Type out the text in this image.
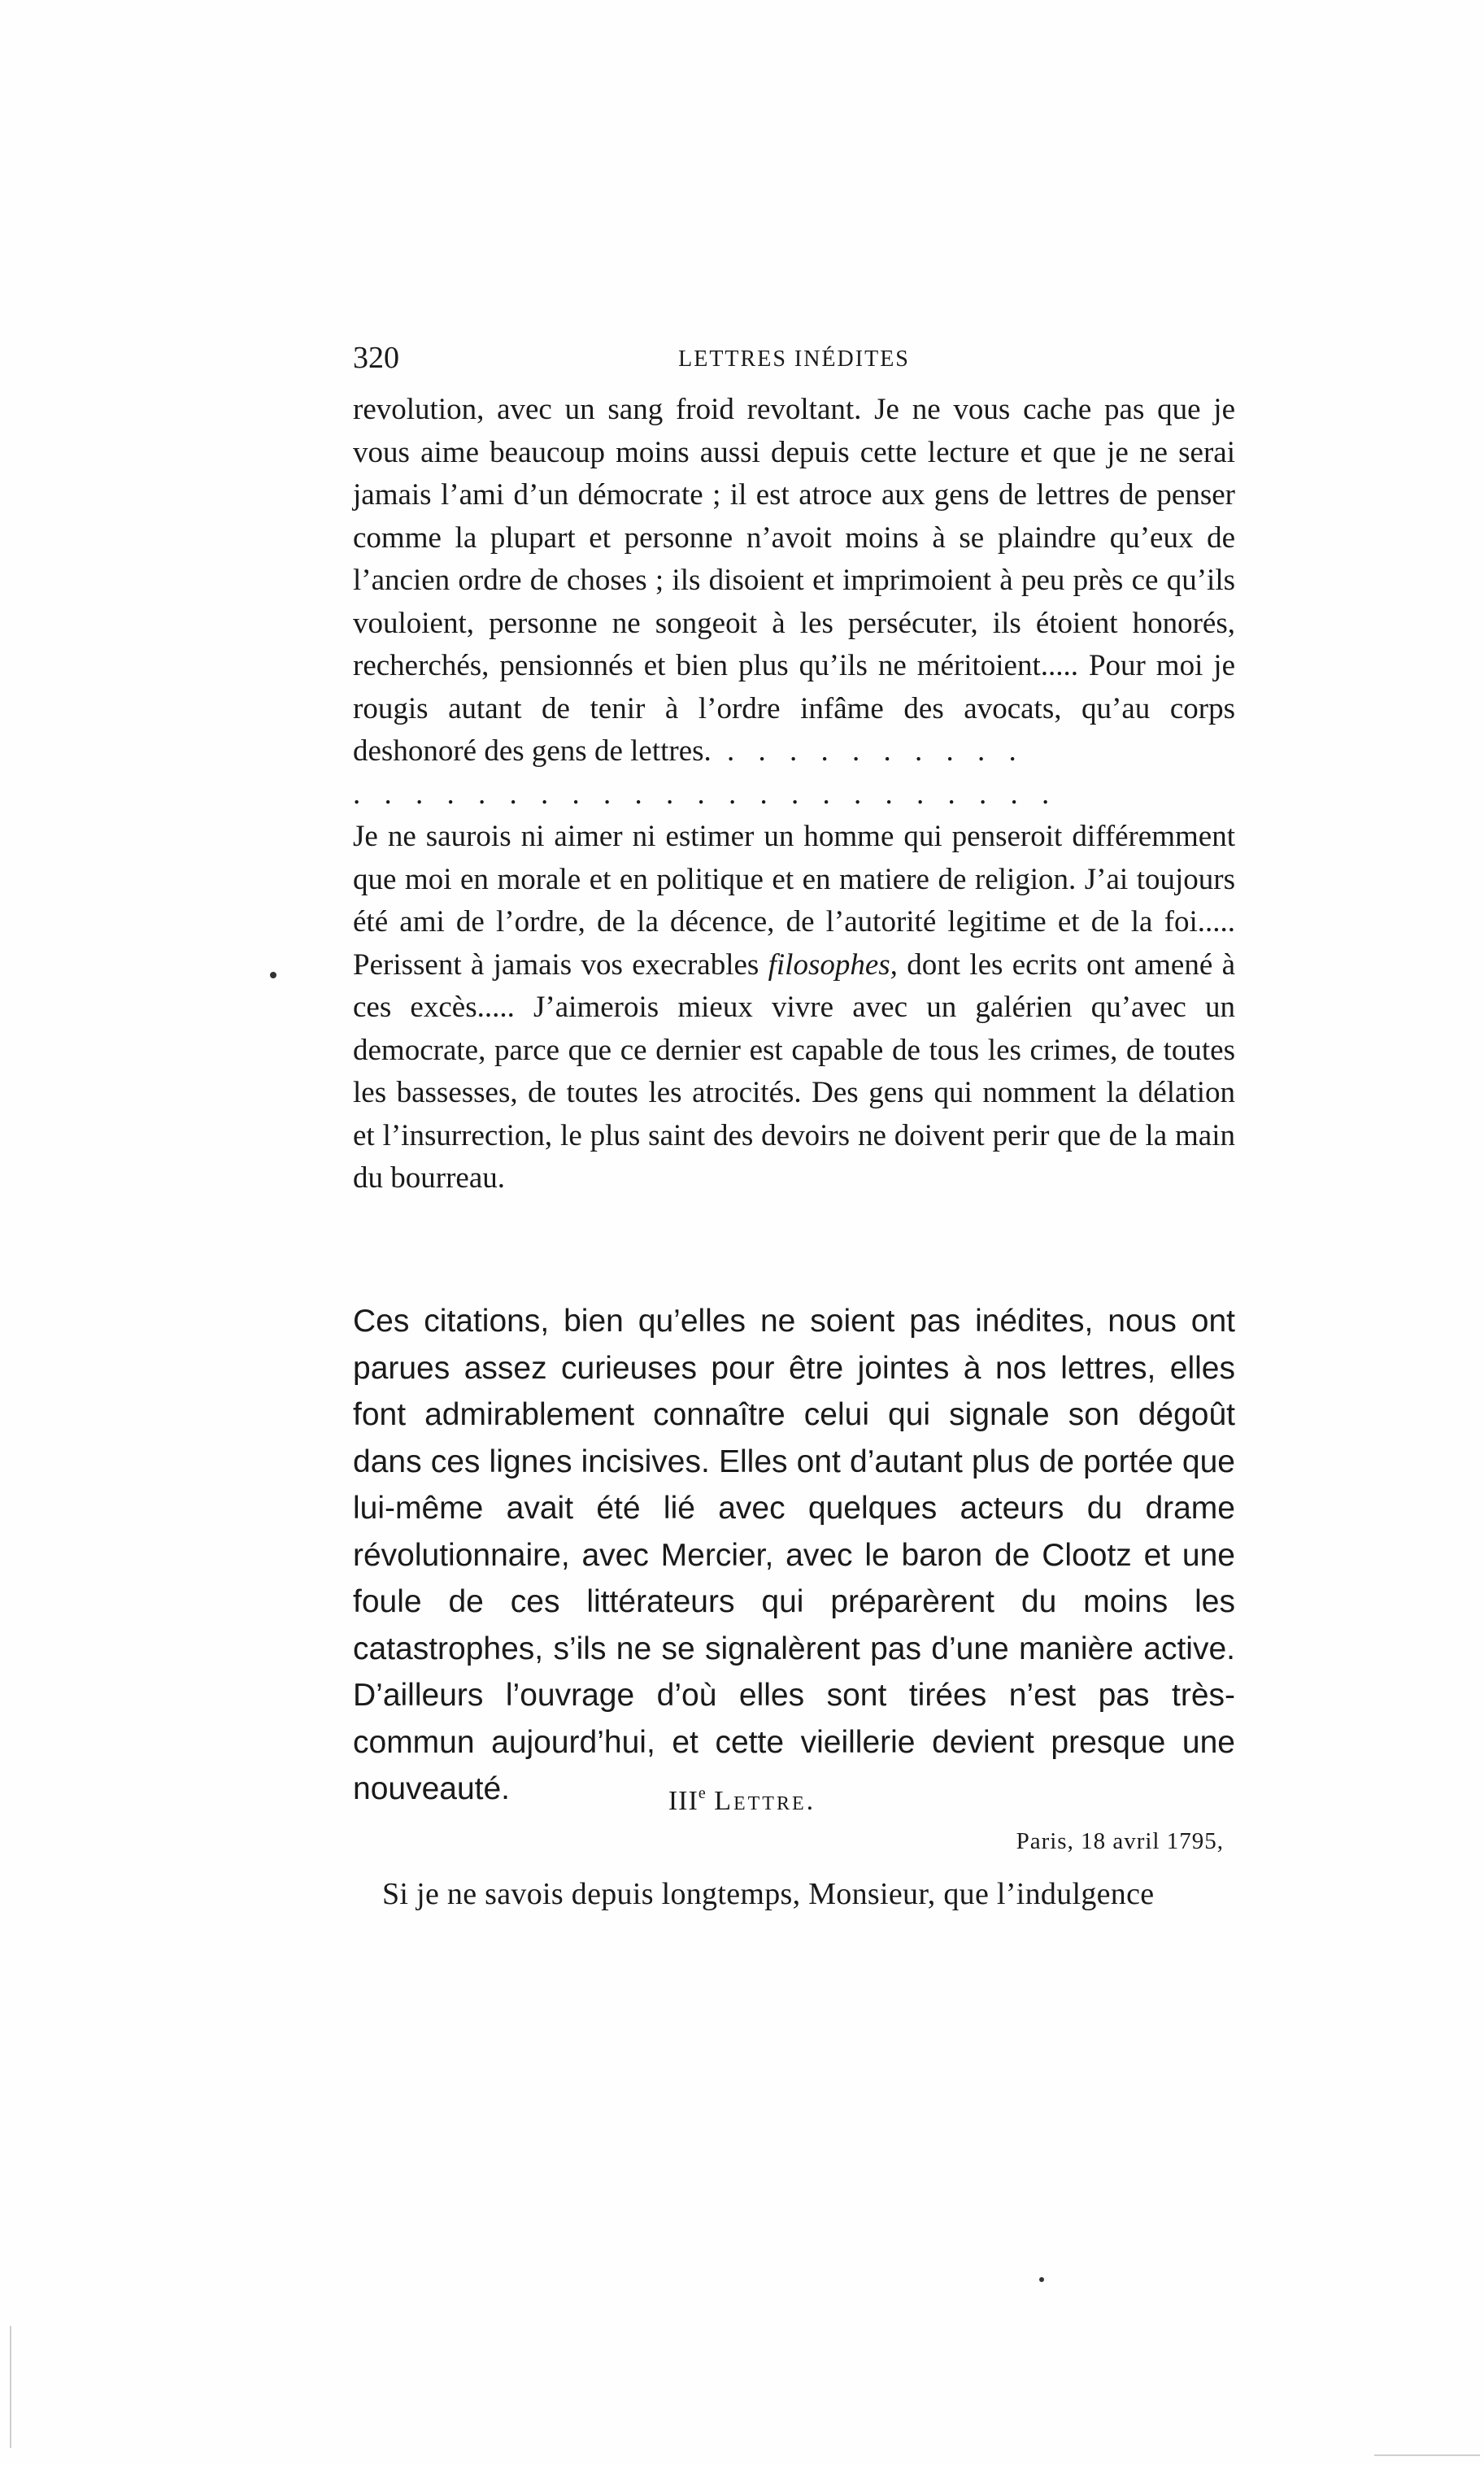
320	LETTRES INÉDITES

revolution, avec un sang froid revoltant. Je ne vous cache pas que je vous aime beaucoup moins aussi depuis cette lecture et que je ne serai jamais l’ami d’un démocrate ; il est atroce aux gens de lettres de penser comme la plupart et personne n’avoit moins à se plaindre qu’eux de l’ancien ordre de choses ; ils disoient et imprimoient à peu près ce qu’ils vouloient, personne ne songeoit à les persécuter, ils étoient honorés, recherchés, pensionnés et bien plus qu’ils ne méritoient..... Pour moi je rougis autant de tenir à l’ordre infâme des avocats, qu’au corps deshonoré des gens de lettres. . . . . . . . . . .

. . . . . . . . . . . . . . . . . . . . . . .

Je ne saurois ni aimer ni estimer un homme qui penseroit différemment que moi en morale et en politique et en matiere de religion. J’ai toujours été ami de l’ordre, de la décence, de l’autorité legitime et de la foi..... Perissent à jamais vos execrables filosophes, dont les ecrits ont amené à ces excès..... J’aimerois mieux vivre avec un galérien qu’avec un democrate, parce que ce dernier est capable de tous les crimes, de toutes les bassesses, de toutes les atrocités. Des gens qui nomment la délation et l’insurrection, le plus saint des devoirs ne doivent perir que de la main du bourreau.

Ces citations, bien qu’elles ne soient pas inédites, nous ont parues assez curieuses pour être jointes à nos lettres, elles font admirablement connaître celui qui signale son dégoût dans ces lignes incisives. Elles ont d’autant plus de portée que lui-même avait été lié avec quelques acteurs du drame révolutionnaire, avec Mercier, avec le baron de Clootz et une foule de ces littérateurs qui préparèrent du moins les catastrophes, s’ils ne se signalèrent pas d’une manière active. D’ailleurs l’ouvrage d’où elles sont tirées n’est pas très-commun aujourd’hui, et cette vieillerie devient presque une nouveauté.	IIIe Lettre.
Paris, 18 avril 1795,
Si je ne savois depuis longtemps, Monsieur, que l’indulgence
